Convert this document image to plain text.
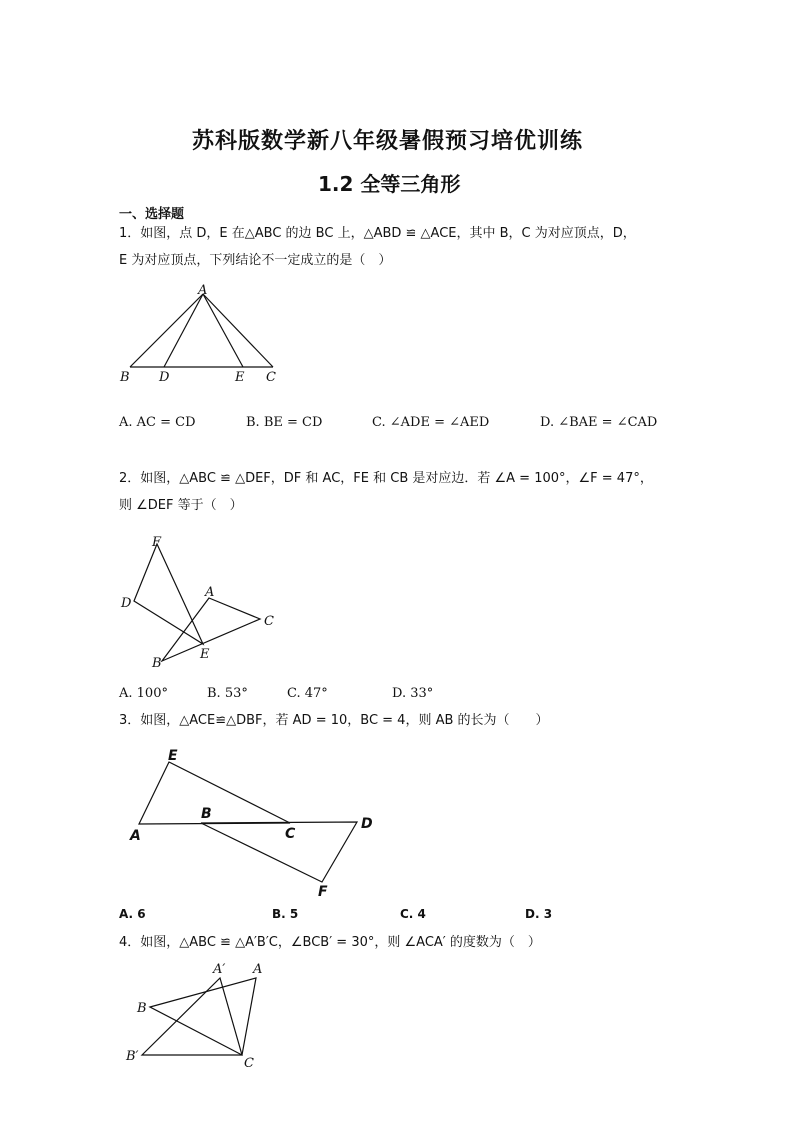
苏科版数学新八年级暑假预习培优训练
1.2 全等三角形
一、选择题
1．如图，点 D，E 在△ABC 的边 BC 上，△ABD ≌ △ACE，其中 B，C 为对应顶点，D，
E 为对应顶点，下列结论不一定成立的是（　）
A
B D	E C
A. AC = CD	B. BE = CD	C. ∠ADE = ∠AED	D. ∠BAE = ∠CAD
2．如图，△ABC ≌ △DEF，DF 和 AC，FE 和 CB 是对应边．若 ∠A = 100°，∠F = 47°，
则 ∠DEF 等于（　）
F
D
A
C
B
E
A. 100°	B. 53°	C. 47°	D. 33°
3．如图，△ACE≌△DBF，若 AD = 10，BC = 4，则 AB 的长为（　　）
E
A
B
C
D
F
A. 6	B. 5	C. 4	D. 3
4．如图，△ABC ≌ △A′B′C，∠BCB′ = 30°，则 ∠ACA′ 的度数为（　）
A′ A
B
B′	C
